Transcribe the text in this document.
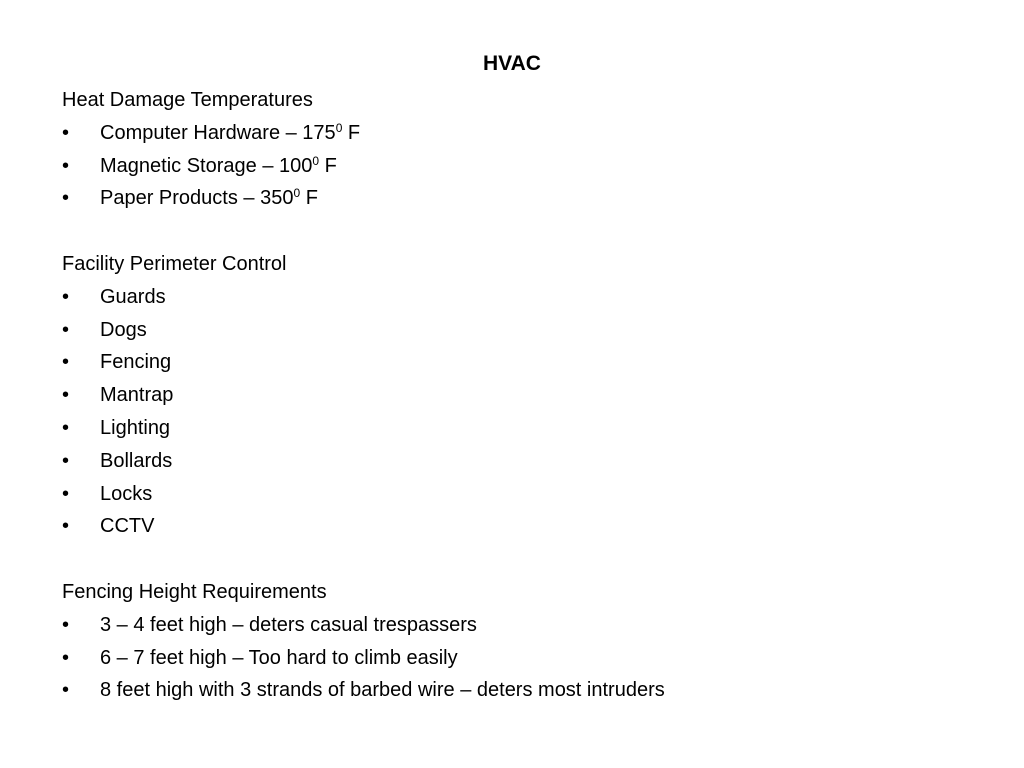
HVAC
Heat Damage Temperatures
•	Computer Hardware – $175^0$ F
•	Magnetic Storage – $100^0$ F
•	Paper Products – $350^0$ F
Facility Perimeter Control
•	Guards
•	Dogs
•	Fencing
•	Mantrap
•	Lighting
•	Bollards
•	Locks
•	CCTV
Fencing Height Requirements
•	3 – 4 feet high – deters casual trespassers
•	6 – 7 feet high – Too hard to climb easily
•	8 feet high with 3 strands of barbed wire – deters most intruders
